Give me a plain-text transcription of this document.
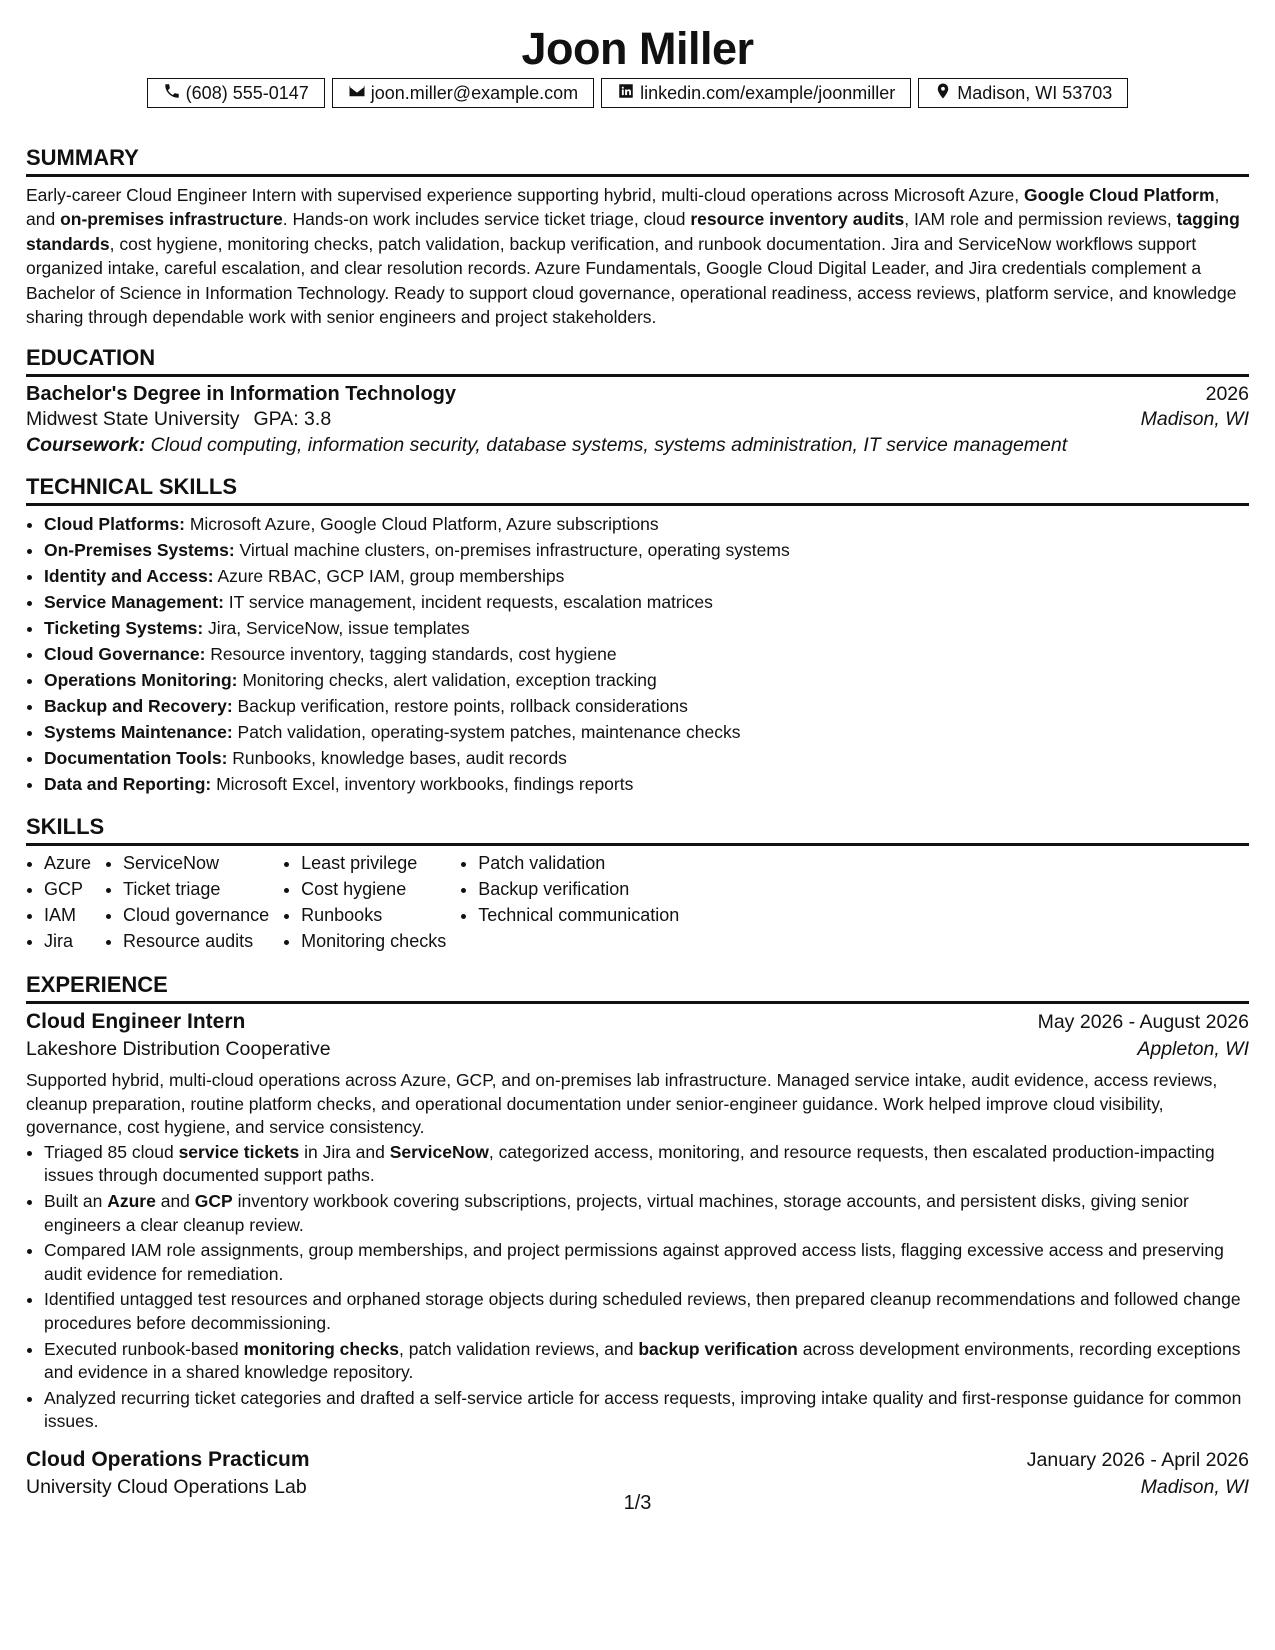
Joon Miller
(608) 555-0147	joon.miller@example.com	linkedin.com/example/joonmiller	Madison, WI 53703
SUMMARY
Early-career Cloud Engineer Intern with supervised experience supporting hybrid, multi-cloud operations across Microsoft Azure, Google Cloud Platform, and on-premises infrastructure. Hands-on work includes service ticket triage, cloud resource inventory audits, IAM role and permission reviews, tagging standards, cost hygiene, monitoring checks, patch validation, backup verification, and runbook documentation. Jira and ServiceNow workflows support organized intake, careful escalation, and clear resolution records. Azure Fundamentals, Google Cloud Digital Leader, and Jira credentials complement a Bachelor of Science in Information Technology. Ready to support cloud governance, operational readiness, access reviews, platform service, and knowledge sharing through dependable work with senior engineers and project stakeholders.
EDUCATION
Bachelor's Degree in Information Technology	2026
Midwest State University GPA: 3.8	Madison, WI
Coursework: Cloud computing, information security, database systems, systems administration, IT service management
TECHNICAL SKILLS
• Cloud Platforms: Microsoft Azure, Google Cloud Platform, Azure subscriptions
• On-Premises Systems: Virtual machine clusters, on-premises infrastructure, operating systems
• Identity and Access: Azure RBAC, GCP IAM, group memberships
• Service Management: IT service management, incident requests, escalation matrices
• Ticketing Systems: Jira, ServiceNow, issue templates
• Cloud Governance: Resource inventory, tagging standards, cost hygiene
• Operations Monitoring: Monitoring checks, alert validation, exception tracking
• Backup and Recovery: Backup verification, restore points, rollback considerations
• Systems Maintenance: Patch validation, operating-system patches, maintenance checks
• Documentation Tools: Runbooks, knowledge bases, audit records
• Data and Reporting: Microsoft Excel, inventory workbooks, findings reports
SKILLS
• Azure
• GCP
• IAM
• Jira
• ServiceNow
• Ticket triage
• Cloud governance
• Resource audits
• Least privilege
• Cost hygiene
• Runbooks
• Monitoring checks
• Patch validation
• Backup verification
• Technical communication
EXPERIENCE
Cloud Engineer Intern	May 2026 - August 2026
Lakeshore Distribution Cooperative	Appleton, WI
Supported hybrid, multi-cloud operations across Azure, GCP, and on-premises lab infrastructure. Managed service intake, audit evidence, access reviews, cleanup preparation, routine platform checks, and operational documentation under senior-engineer guidance. Work helped improve cloud visibility, governance, cost hygiene, and service consistency.
• Triaged 85 cloud service tickets in Jira and ServiceNow, categorized access, monitoring, and resource requests, then escalated production-impacting issues through documented support paths.
• Built an Azure and GCP inventory workbook covering subscriptions, projects, virtual machines, storage accounts, and persistent disks, giving senior engineers a clear cleanup review.
• Compared IAM role assignments, group memberships, and project permissions against approved access lists, flagging excessive access and preserving audit evidence for remediation.
• Identified untagged test resources and orphaned storage objects during scheduled reviews, then prepared cleanup recommendations and followed change procedures before decommissioning.
• Executed runbook-based monitoring checks, patch validation reviews, and backup verification across development environments, recording exceptions and evidence in a shared knowledge repository.
• Analyzed recurring ticket categories and drafted a self-service article for access requests, improving intake quality and first-response guidance for common issues.
Cloud Operations Practicum	January 2026 - April 2026
University Cloud Operations Lab	Madison, WI
1/3
